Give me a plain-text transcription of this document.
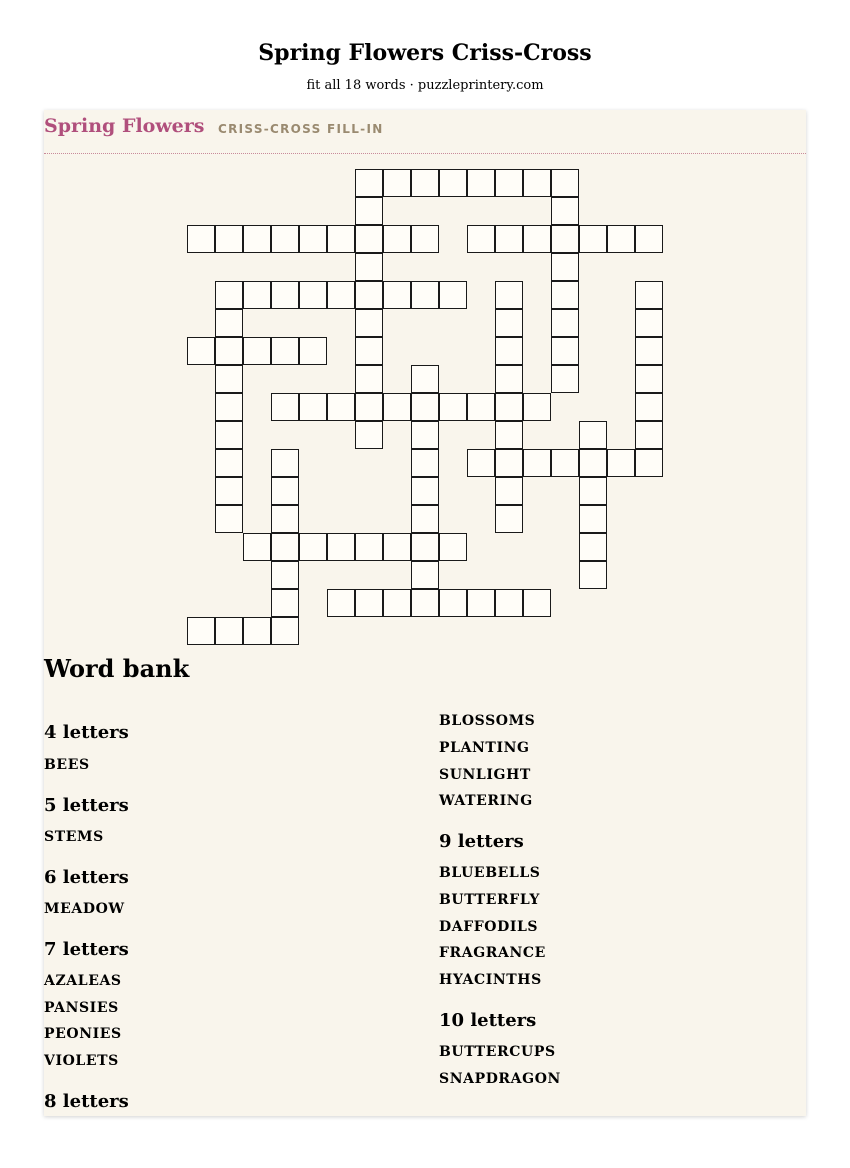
Spring Flowers Criss-Cross
fit all 18 words · puzzleprintery.com
Spring Flowers CRISS-CROSS FILL-IN
Word bank
4 letters
BEES
5 letters
STEMS
6 letters
MEADOW
7 letters
AZALEAS
PANSIES
PEONIES
VIOLETS
8 letters
BLOSSOMS
PLANTING
SUNLIGHT
WATERING
9 letters
BLUEBELLS
BUTTERFLY
DAFFODILS
FRAGRANCE
HYACINTHS
10 letters
BUTTERCUPS
SNAPDRAGON
